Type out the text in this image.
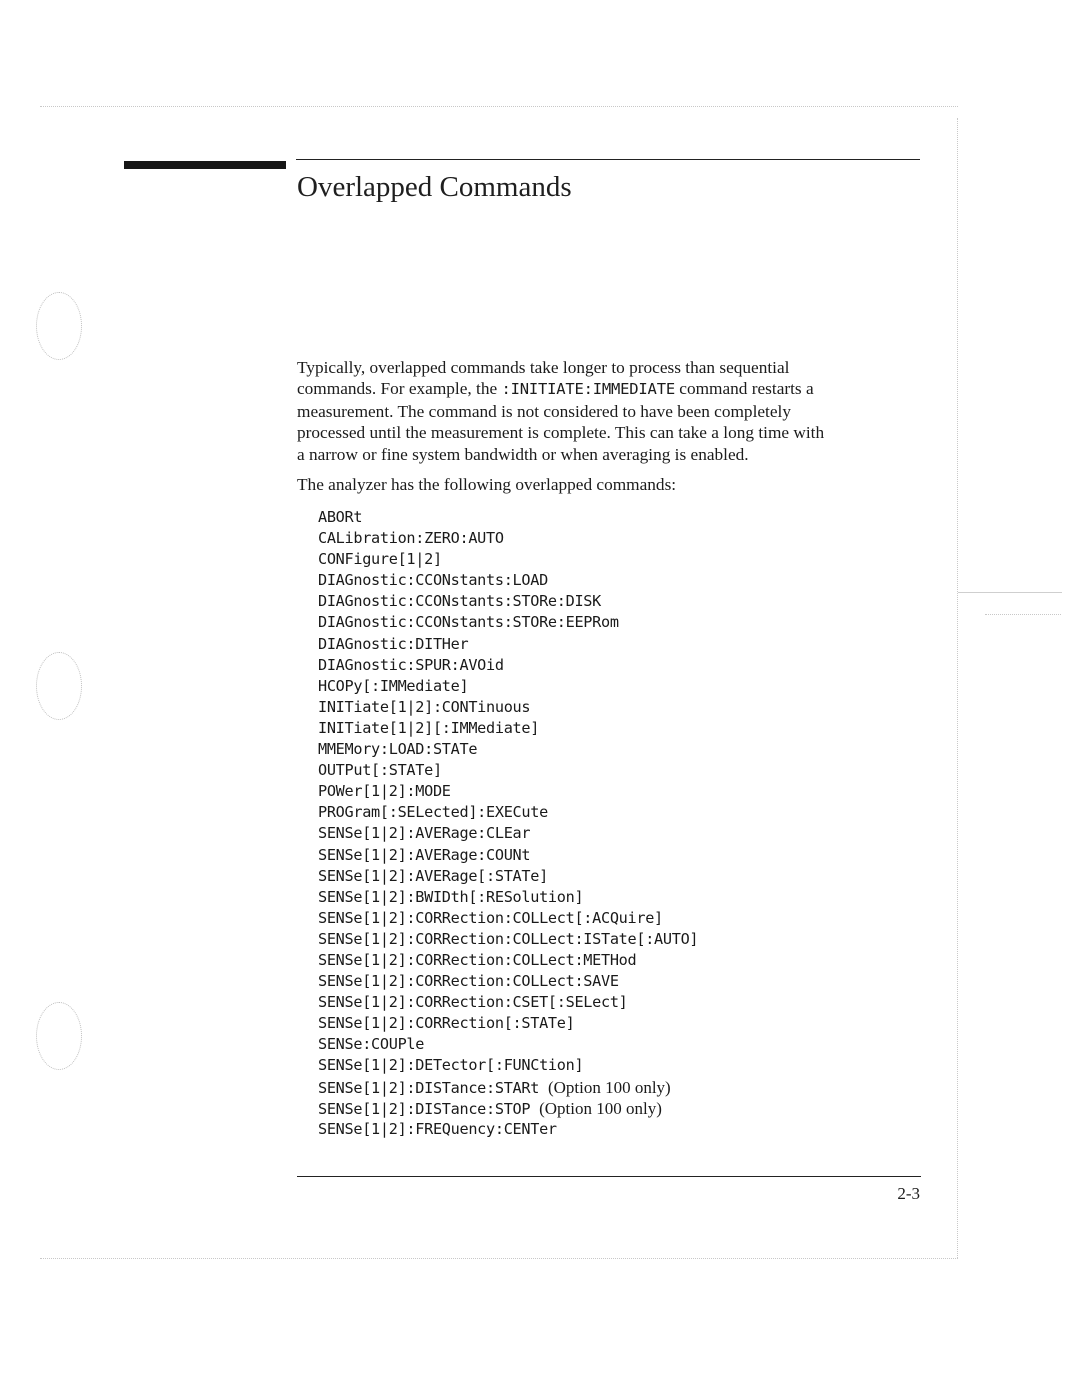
Overlapped Commands

Typically, overlapped commands take longer to process than sequential
commands. For example, the :INITIATE:IMMEDIATE command restarts a
measurement. The command is not considered to have been completely
processed until the measurement is complete. This can take a long time with
a narrow or fine system bandwidth or when averaging is enabled.

The analyzer has the following overlapped commands:

ABORt
CALibration:ZERO:AUTO
CONFigure[1|2]
DIAGnostic:CCONstants:LOAD
DIAGnostic:CCONstants:STORe:DISK
DIAGnostic:CCONstants:STORe:EEPRom
DIAGnostic:DITHer
DIAGnostic:SPUR:AVOid
HCOPy[:IMMediate]
INITiate[1|2]:CONTinuous
INITiate[1|2][:IMMediate]
MMEMory:LOAD:STATe
OUTPut[:STATe]
POWer[1|2]:MODE
PROGram[:SELected]:EXECute
SENSe[1|2]:AVERage:CLEar
SENSe[1|2]:AVERage:COUNt
SENSe[1|2]:AVERage[:STATe]
SENSe[1|2]:BWIDth[:RESolution]
SENSe[1|2]:CORRection:COLLect[:ACQuire]
SENSe[1|2]:CORRection:COLLect:ISTate[:AUTO]
SENSe[1|2]:CORRection:COLLect:METHod
SENSe[1|2]:CORRection:COLLect:SAVE
SENSe[1|2]:CORRection:CSET[:SELect]
SENSe[1|2]:CORRection[:STATe]
SENSe:COUPle
SENSe[1|2]:DETector[:FUNCtion]
SENSe[1|2]:DISTance:STARt (Option 100 only)
SENSe[1|2]:DISTance:STOP (Option 100 only)
SENSe[1|2]:FREQuency:CENTer

2-3
